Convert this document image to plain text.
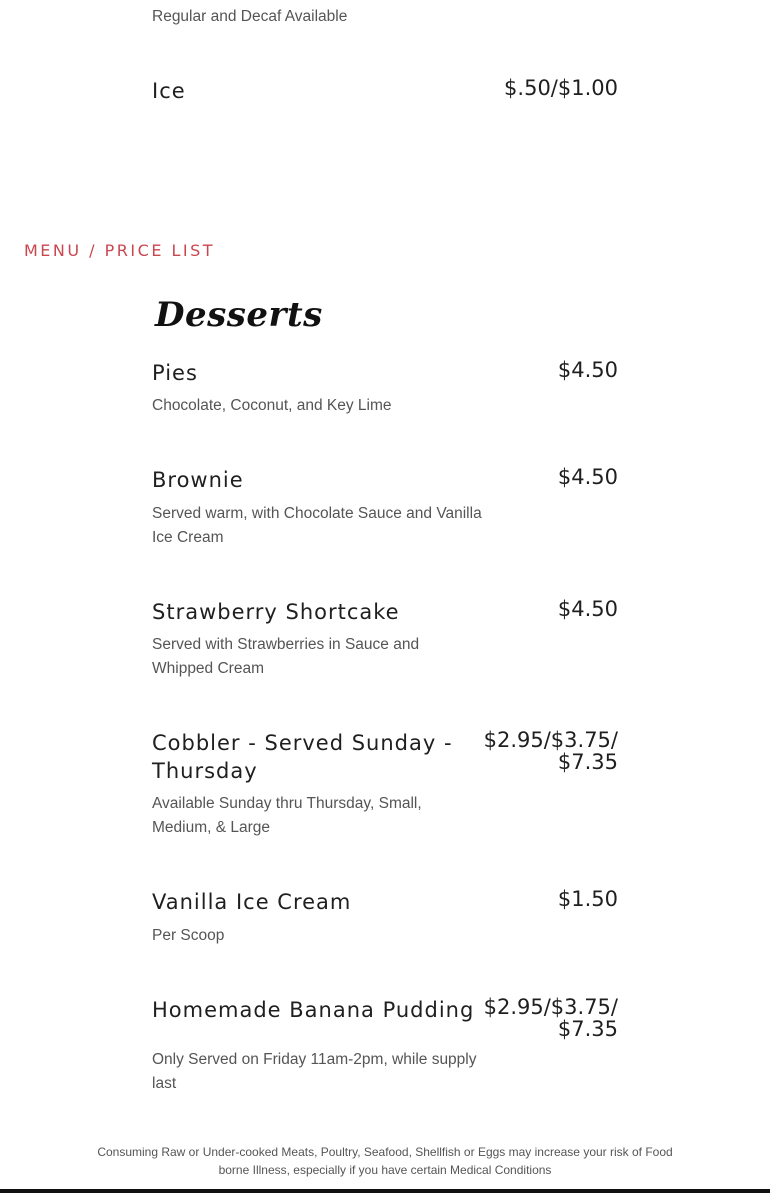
Regular and Decaf Available
Ice	$.50/$1.00
MENU / PRICE LIST
Desserts
Pies	$4.50
Chocolate, Coconut, and Key Lime
Brownie	$4.50
Served warm, with Chocolate Sauce and Vanilla Ice Cream
Strawberry Shortcake	$4.50
Served with Strawberries in Sauce and Whipped Cream
Cobbler - Served Sunday - Thursday
$2.95/$3.75/$7.35
Available Sunday thru Thursday, Small, Medium, & Large
Vanilla Ice Cream	$1.50
Per Scoop
Homemade Banana Pudding $2.95/$3.75/$7.35
Only Served on Friday 11am-2pm, while supply last
Consuming Raw or Under-cooked Meats, Poultry, Seafood, Shellfish or Eggs may increase your risk of Food borne Illness, especially if you have certain Medical Conditions
